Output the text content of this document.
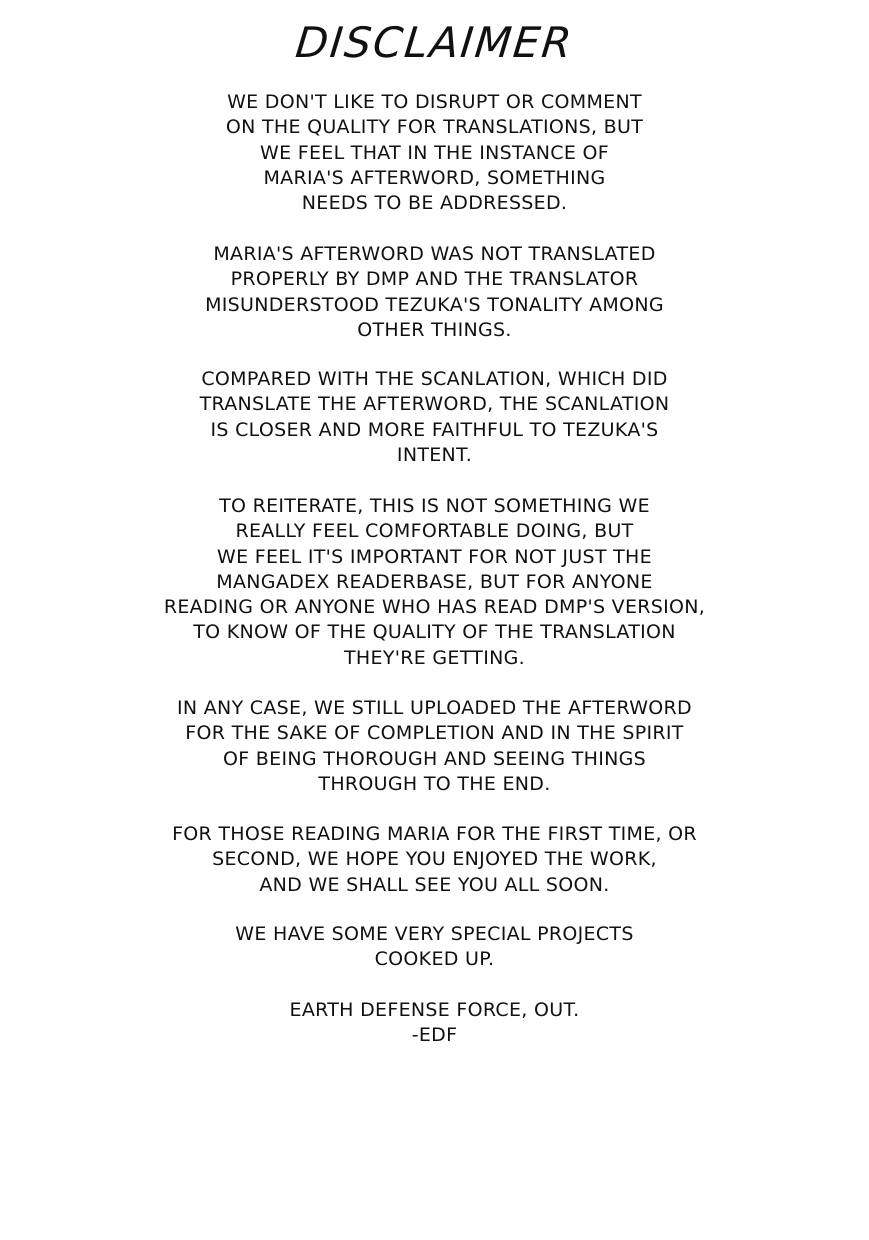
DISCLAIMER

WE DON'T LIKE TO DISRUPT OR COMMENT
ON THE QUALITY FOR TRANSLATIONS, BUT
WE FEEL THAT IN THE INSTANCE OF
MARIA'S AFTERWORD, SOMETHING
NEEDS TO BE ADDRESSED.

MARIA'S AFTERWORD WAS NOT TRANSLATED
PROPERLY BY DMP AND THE TRANSLATOR
MISUNDERSTOOD TEZUKA'S TONALITY AMONG
OTHER THINGS.

COMPARED WITH THE SCANLATION, WHICH DID
TRANSLATE THE AFTERWORD, THE SCANLATION
IS CLOSER AND MORE FAITHFUL TO TEZUKA'S
INTENT.

TO REITERATE, THIS IS NOT SOMETHING WE
REALLY FEEL COMFORTABLE DOING, BUT
WE FEEL IT'S IMPORTANT FOR NOT JUST THE
MANGADEX READERBASE, BUT FOR ANYONE
READING OR ANYONE WHO HAS READ DMP'S VERSION,
TO KNOW OF THE QUALITY OF THE TRANSLATION
THEY'RE GETTING.

IN ANY CASE, WE STILL UPLOADED THE AFTERWORD
FOR THE SAKE OF COMPLETION AND IN THE SPIRIT
OF BEING THOROUGH AND SEEING THINGS
THROUGH TO THE END.

FOR THOSE READING MARIA FOR THE FIRST TIME, OR
SECOND, WE HOPE YOU ENJOYED THE WORK,
AND WE SHALL SEE YOU ALL SOON.

WE HAVE SOME VERY SPECIAL PROJECTS
COOKED UP.

EARTH DEFENSE FORCE, OUT.
-EDF
